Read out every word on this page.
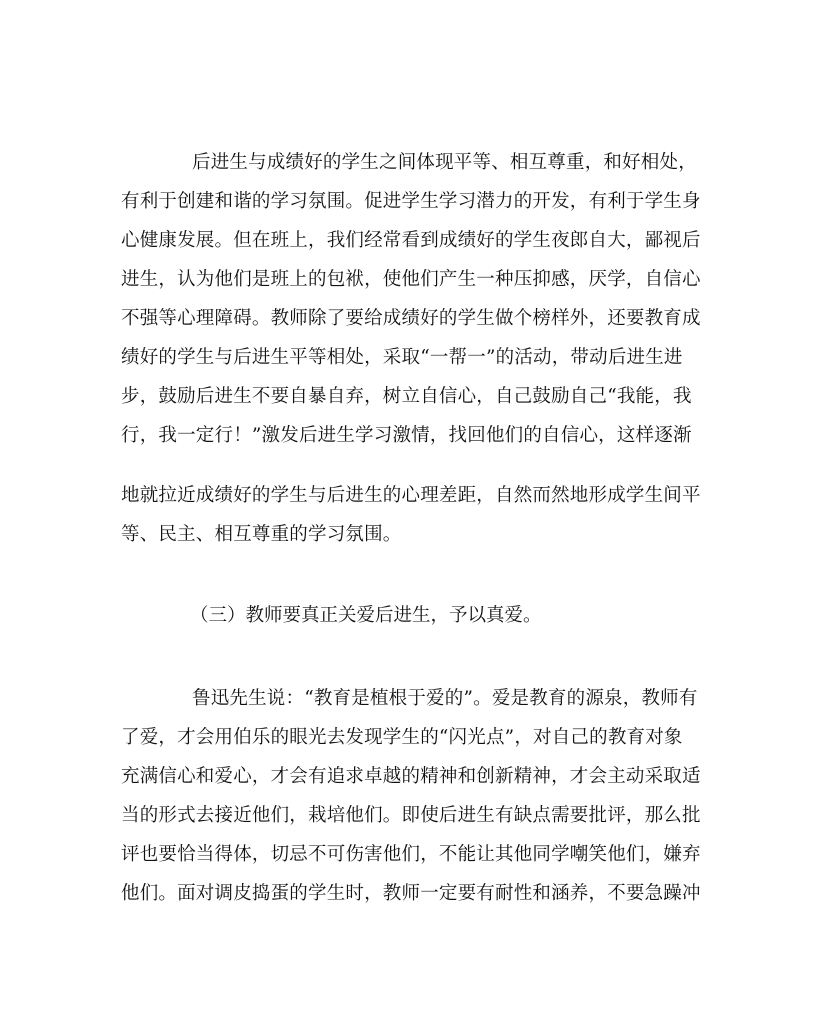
后进生与成绩好的学生之间体现平等、相互尊重，和好相处，
有利于创建和谐的学习氛围。促进学生学习潜力的开发，有利于学生身
心健康发展。但在班上，我们经常看到成绩好的学生夜郎自大，鄙视后
进生，认为他们是班上的包袱，使他们产生一种压抑感，厌学，自信心
不强等心理障碍。教师除了要给成绩好的学生做个榜样外，还要教育成
绩好的学生与后进生平等相处，采取“一帮一”的活动，带动后进生进
步，鼓励后进生不要自暴自弃，树立自信心，自己鼓励自己“我能，我
行，我一定行！”激发后进生学习激情，找回他们的自信心，这样逐渐
地就拉近成绩好的学生与后进生的心理差距，自然而然地形成学生间平
等、民主、相互尊重的学习氛围。
（三）教师要真正关爱后进生，予以真爱。
鲁迅先生说：“教育是植根于爱的”。爱是教育的源泉，教师有
了爱，才会用伯乐的眼光去发现学生的“闪光点”，对自己的教育对象
充满信心和爱心，才会有追求卓越的精神和创新精神，才会主动采取适
当的形式去接近他们，栽培他们。即使后进生有缺点需要批评，那么批
评也要恰当得体，切忌不可伤害他们，不能让其他同学嘲笑他们，嫌弃
他们。面对调皮捣蛋的学生时，教师一定要有耐性和涵养，不要急躁冲
